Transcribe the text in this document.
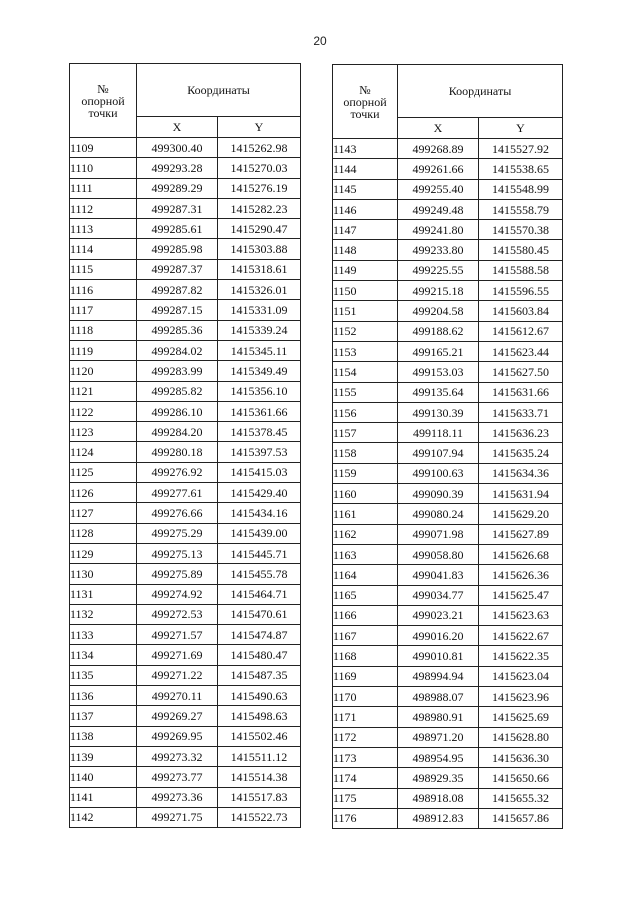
20
№
опорной
точки	Координаты	
	X	Y
1109	499300.40	1415262.98
1110	499293.28	1415270.03
1111	499289.29	1415276.19
1112	499287.31	1415282.23
1113	499285.61	1415290.47
1114	499285.98	1415303.88
1115	499287.37	1415318.61
1116	499287.82	1415326.01
1117	499287.15	1415331.09
1118	499285.36	1415339.24
1119	499284.02	1415345.11
1120	499283.99	1415349.49
1121	499285.82	1415356.10
1122	499286.10	1415361.66
1123	499284.20	1415378.45
1124	499280.18	1415397.53
1125	499276.92	1415415.03
1126	499277.61	1415429.40
1127	499276.66	1415434.16
1128	499275.29	1415439.00
1129	499275.13	1415445.71
1130	499275.89	1415455.78
1131	499274.92	1415464.71
1132	499272.53	1415470.61
1133	499271.57	1415474.87
1134	499271.69	1415480.47
1135	499271.22	1415487.35
1136	499270.11	1415490.63
1137	499269.27	1415498.63
1138	499269.95	1415502.46
1139	499273.32	1415511.12
1140	499273.77	1415514.38
1141	499273.36	1415517.83
1142	499271.75	1415522.73
№
опорной
точки	Координаты	
	X	Y
1143	499268.89	1415527.92
1144	499261.66	1415538.65
1145	499255.40	1415548.99
1146	499249.48	1415558.79
1147	499241.80	1415570.38
1148	499233.80	1415580.45
1149	499225.55	1415588.58
1150	499215.18	1415596.55
1151	499204.58	1415603.84
1152	499188.62	1415612.67
1153	499165.21	1415623.44
1154	499153.03	1415627.50
1155	499135.64	1415631.66
1156	499130.39	1415633.71
1157	499118.11	1415636.23
1158	499107.94	1415635.24
1159	499100.63	1415634.36
1160	499090.39	1415631.94
1161	499080.24	1415629.20
1162	499071.98	1415627.89
1163	499058.80	1415626.68
1164	499041.83	1415626.36
1165	499034.77	1415625.47
1166	499023.21	1415623.63
1167	499016.20	1415622.67
1168	499010.81	1415622.35
1169	498994.94	1415623.04
1170	498988.07	1415623.96
1171	498980.91	1415625.69
1172	498971.20	1415628.80
1173	498954.95	1415636.30
1174	498929.35	1415650.66
1175	498918.08	1415655.32
1176	498912.83	1415657.86
